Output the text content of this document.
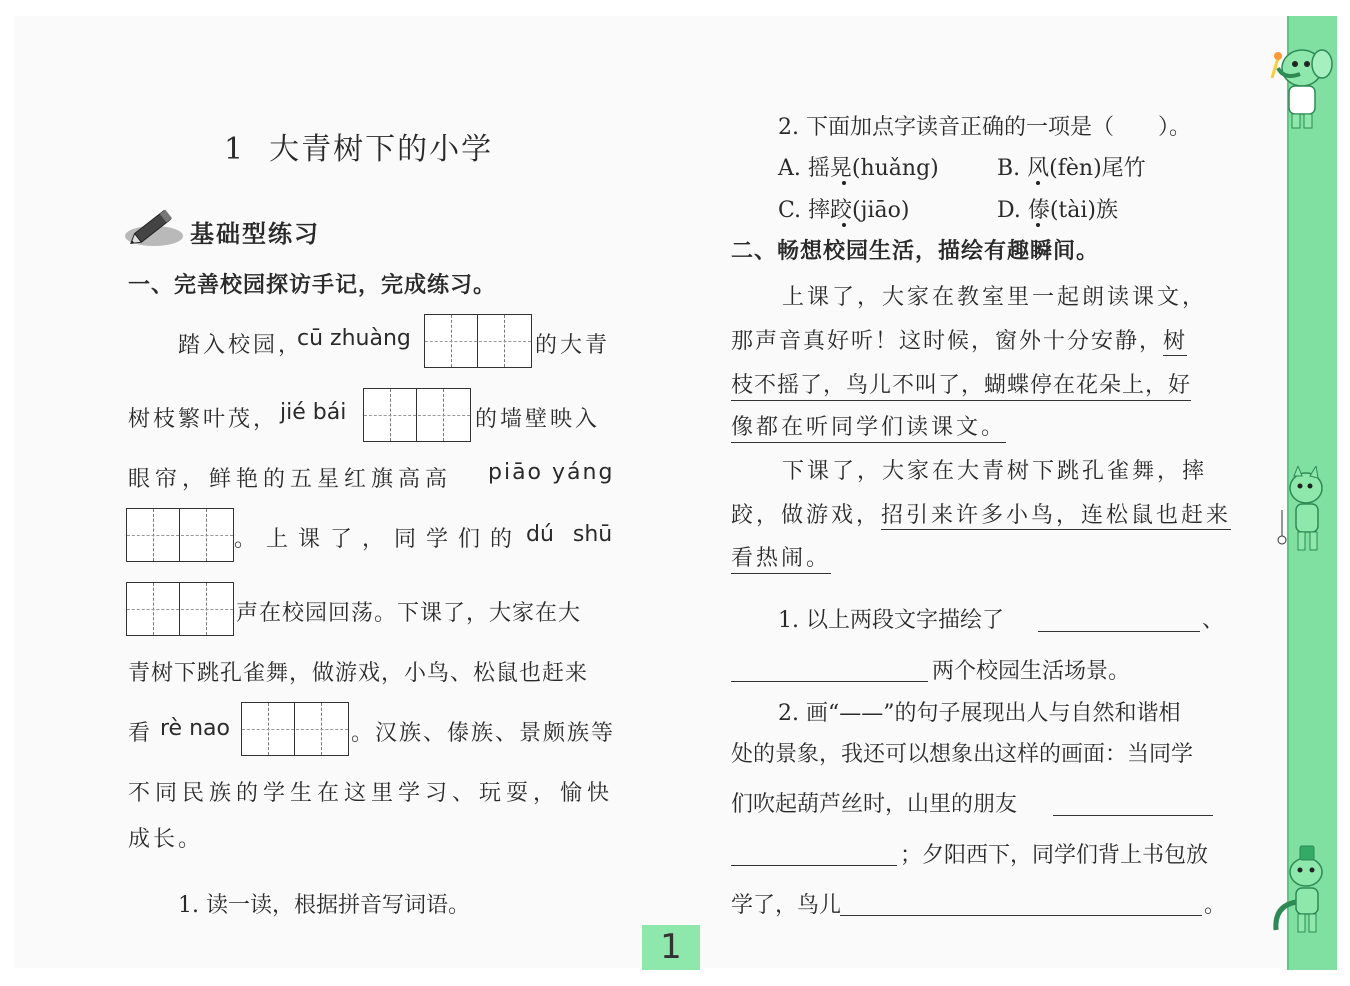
1 大青树下的小学
基础型练习
一、完善校园探访手记，完成练习。
踏入校园，
cū zhuàng	的大青
树枝繁叶茂， jié bái	的墙壁映入
眼帘，鲜艳的五星红旗高高 piāo yáng
。上课了，同学们的 dú shū
声在校园回荡。下课了，大家在大
青树下跳孔雀舞，做游戏，小鸟、松鼠也赶来
看 rè nao	。汉族、傣族、景颇族等
不同民族的学生在这里学习、玩耍，愉快
成长。
1. 读一读，根据拼音写词语。
2. 下面加点字读音正确的一项是（　　）。
A. 摇晃(huǎng)	B. 风(fèn)尾竹
C. 摔跤(jiāo)	D. 傣(tài)族
二、畅想校园生活，描绘有趣瞬间。
上课了，大家在教室里一起朗读课文，
那声音真好听！这时候，窗外十分安静，树
枝不摇了，鸟儿不叫了，蝴蝶停在花朵上，好
像都在听同学们读课文。
下课了，大家在大青树下跳孔雀舞，摔
跤，做游戏，招引来许多小鸟，连松鼠也赶来
看热闹。
1. 以上两段文字描绘了	、
两个校园生活场景。
2. 画“——”的句子展现出人与自然和谐相
处的景象，我还可以想象出这样的画面：当同学
们吹起葫芦丝时，山里的朋友
；夕阳西下，同学们背上书包放
学了，鸟儿	。
1
